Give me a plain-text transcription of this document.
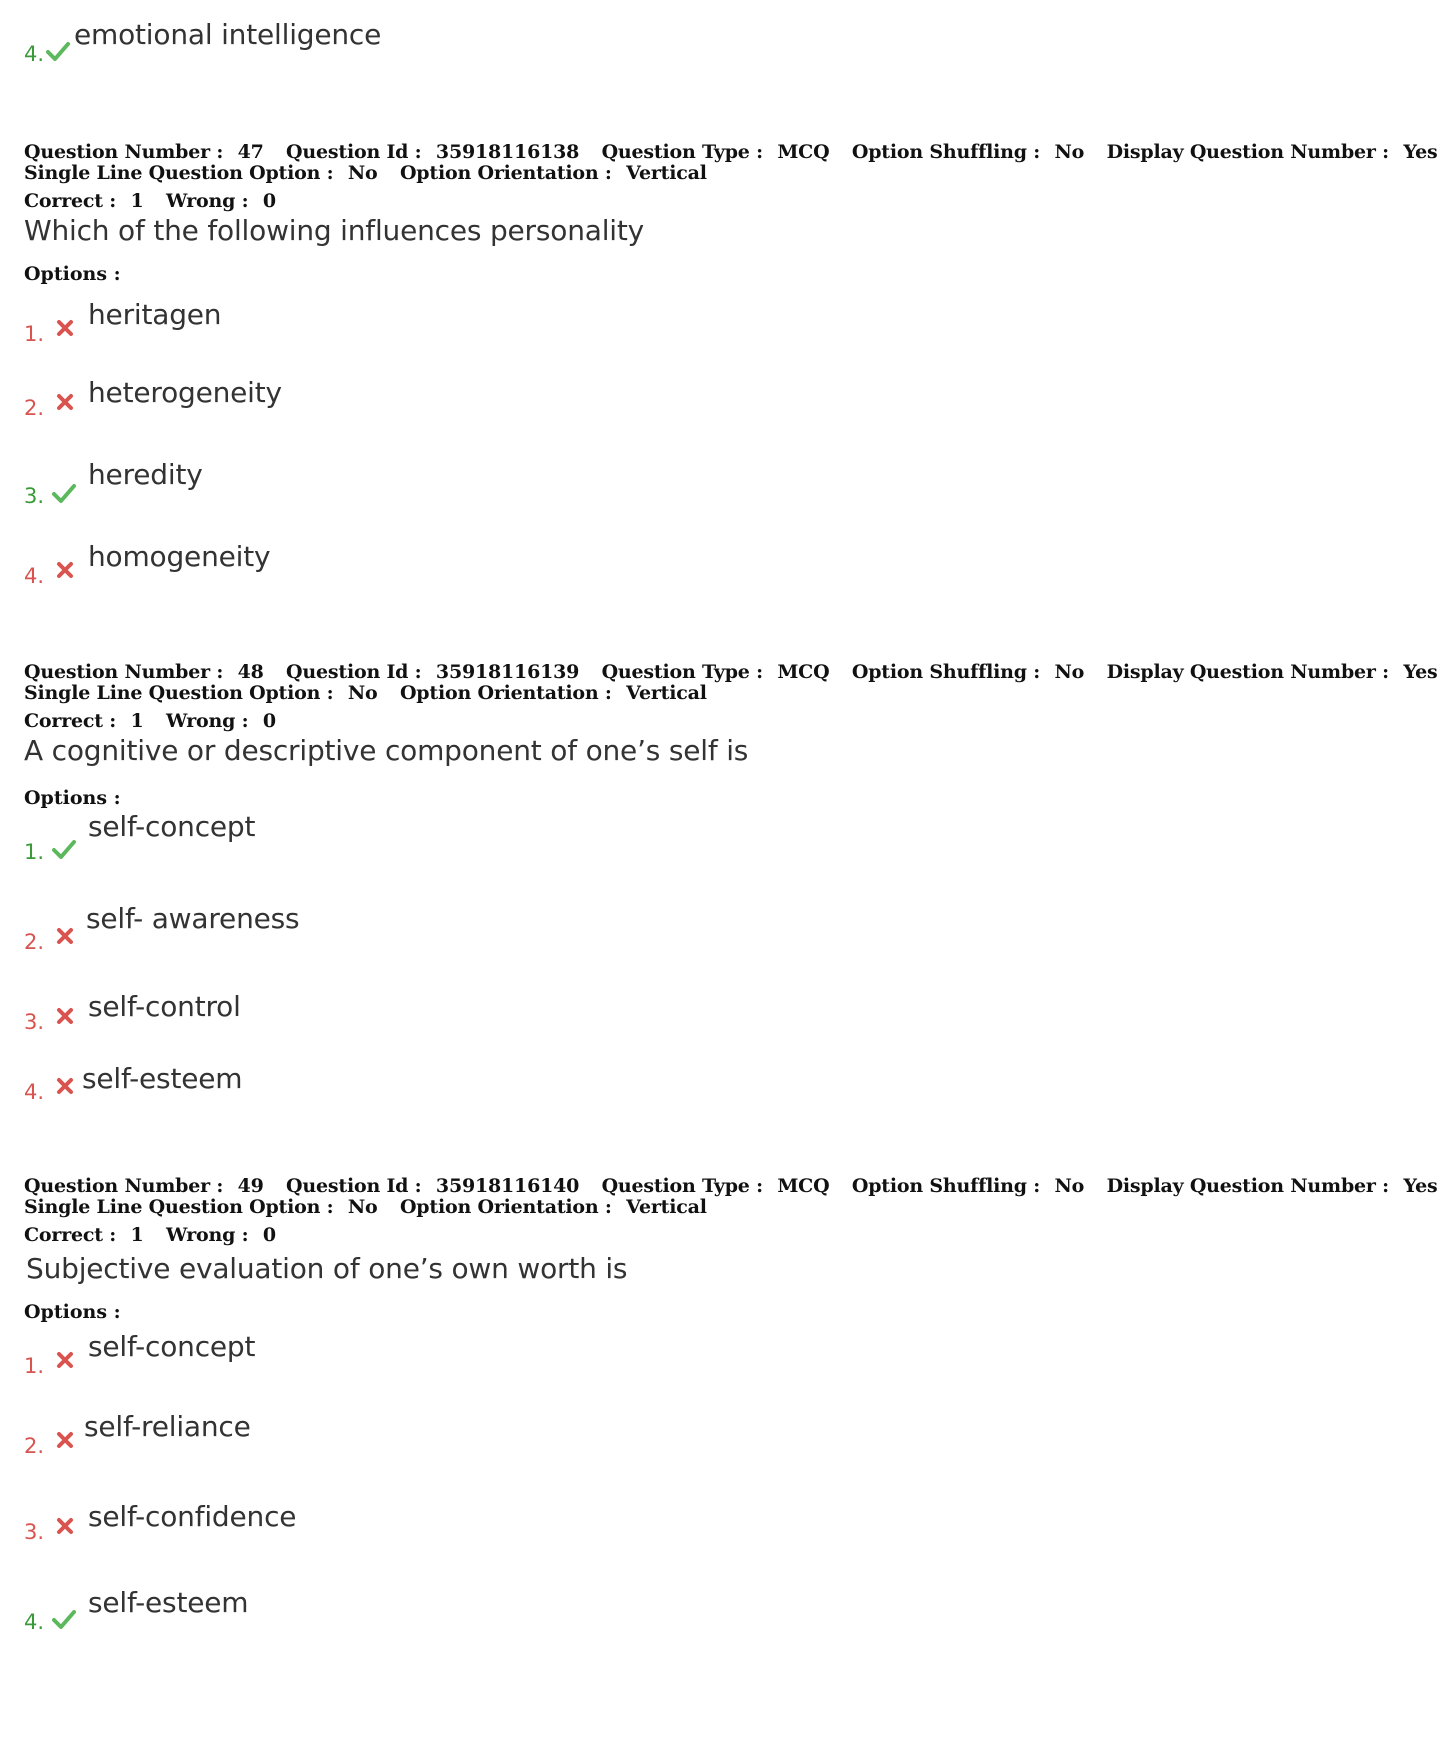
4.
emotional intelligence
Question Number : 47 Question Id : 35918116138 Question Type : MCQ Option Shuffling : No Display Question Number : Yes
Single Line Question Option : No Option Orientation : Vertical
Correct : 1 Wrong : 0
Which of the following influences personality
Options :
1.
heritagen
2. heterogeneity
3.
heredity
4.
homogeneity
Question Number : 48 Question Id : 35918116139 Question Type : MCQ Option Shuffling : No Display Question Number : Yes
Single Line Question Option : No Option Orientation : Vertical
Correct : 1 Wrong : 0
A cognitive or descriptive component of one’s self is
Options :
1.
self-concept
2.
self- awareness
3. self-control
4. self-esteem
Question Number : 49 Question Id : 35918116140 Question Type : MCQ Option Shuffling : No Display Question Number : Yes
Single Line Question Option : No Option Orientation : Vertical
Correct : 1 Wrong : 0
Subjective evaluation of one’s own worth is
Options :
1.
self-concept
2.
self-reliance
3. self-confidence
4.
self-esteem
